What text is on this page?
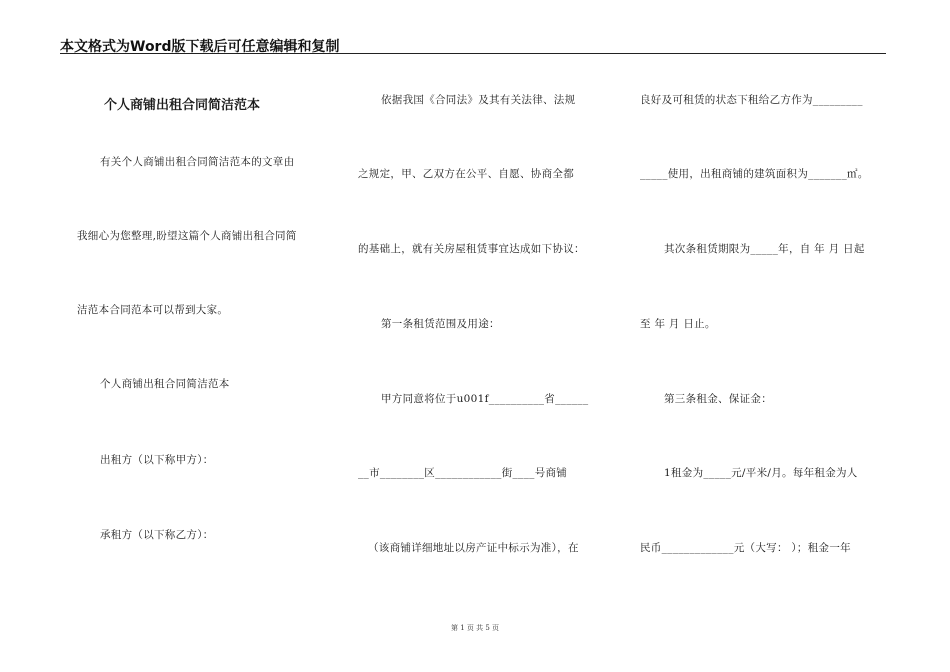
本文格式为Word版下载后可任意编辑和复制
个人商铺出租合同简洁范本
有关个人商铺出租合同简洁范本的文章由
我细心为您整理,盼望这篇个人商铺出租合同简
洁范本合同范本可以帮到大家。
个人商铺出租合同简洁范本
出租方（以下称甲方）：
承租方（以下称乙方）：
依据我国《合同法》及其有关法律、法规
之规定，甲、乙双方在公平、自愿、协商全都
的基础上，就有关房屋租赁事宜达成如下协议：
第一条租赁范围及用途：
甲方同意将位于u001f__________省______
__市________区____________街____号商铺
（该商铺详细地址以房产证中标示为准），在
良好及可租赁的状态下租给乙方作为_________
_____使用，出租商铺的建筑面积为_______㎡。
其次条租赁期限为_____年，自 年 月 日起
至 年 月 日止。
第三条租金、保证金：
1租金为_____元/平米/月。每年租金为人
民币_____________元（大写： ）；租金一年
第 1 页 共 5 页
